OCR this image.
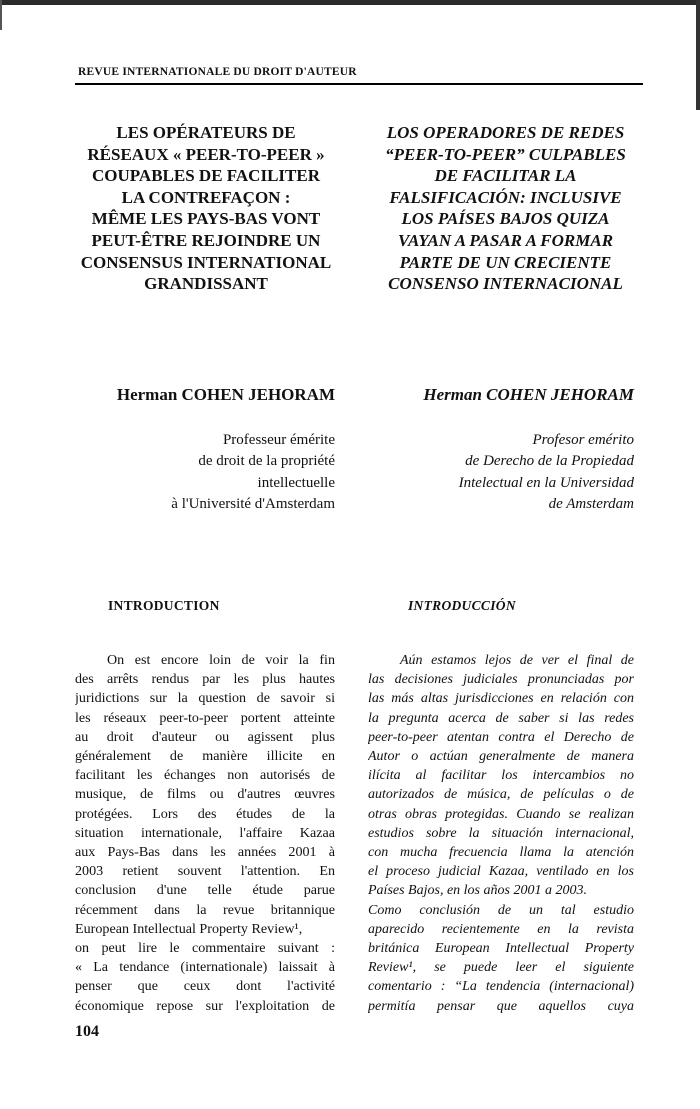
REVUE INTERNATIONALE DU DROIT D'AUTEUR
LES OPÉRATEURS DE
RÉSEAUX « PEER-TO-PEER »
COUPABLES DE FACILITER
LA CONTREFAÇON :
MÊME LES PAYS-BAS VONT
PEUT-ÊTRE REJOINDRE UN
CONSENSUS INTERNATIONAL
GRANDISSANT
LOS OPERADORES DE REDES
“PEER-TO-PEER” CULPABLES
DE FACILITAR LA
FALSIFICACIÓN: INCLUSIVE
LOS PAÍSES BAJOS QUIZA
VAYAN A PASAR A FORMAR
PARTE DE UN CRECIENTE
CONSENSO INTERNACIONAL
Herman COHEN JEHORAM	Herman COHEN JEHORAM
Professeur émérite
de droit de la propriété
intellectuelle
à l'Université d'Amsterdam
Profesor emérito
de Derecho de la Propiedad
Intelectual en la Universidad
de Amsterdam
INTRODUCTION	INTRODUCCIÓN
On est encore loin de voir la fin
des arrêts rendus par les plus hautes
juridictions sur la question de savoir si
les réseaux peer-to-peer portent atteinte
au droit d'auteur ou agissent plus
généralement de manière illicite en
facilitant les échanges non autorisés de
musique, de films ou d'autres œuvres
protégées. Lors des études de la
situation internationale, l'affaire Kazaa
aux Pays-Bas dans les années 2001 à
2003 retient souvent l'attention. En
conclusion d'une telle étude parue
récemment dans la revue britannique
European Intellectual Property Review¹,
on peut lire le commentaire suivant :
« La tendance (internationale) laissait à
penser que ceux dont l'activité
économique repose sur l'exploitation de
Aún estamos lejos de ver el final de
las decisiones judiciales pronunciadas por
las más altas jurisdicciones en relación con
la pregunta acerca de saber si las redes
peer-to-peer atentan contra el Derecho de
Autor o actúan generalmente de manera
ilícita al facilitar los intercambios no
autorizados de música, de películas o de
otras obras protegidas. Cuando se realizan
estudios sobre la situación internacional,
con mucha frecuencia llama la atención
el proceso judicial Kazaa, ventilado en los
Países Bajos, en los años 2001 a 2003.
Como conclusión de un tal estudio
aparecido recientemente en la revista
británica European Intellectual Property
Review¹, se puede leer el siguiente
comentario : “La tendencia (internacional)
permitía pensar que aquellos cuya
104
